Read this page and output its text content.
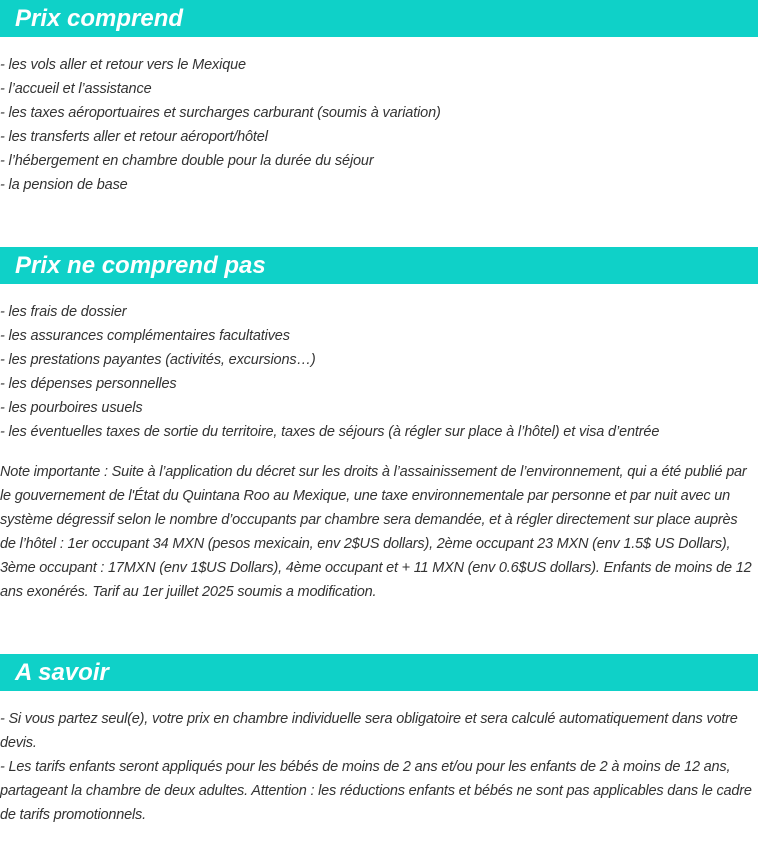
Prix comprend
- les vols aller et retour vers le Mexique
- l’accueil et l’assistance
- les taxes aéroportuaires et surcharges carburant (soumis à variation)
- les transferts aller et retour aéroport/hôtel
- l’hébergement en chambre double pour la durée du séjour
- la pension de base
Prix ne comprend pas
- les frais de dossier
- les assurances complémentaires facultatives
- les prestations payantes (activités, excursions…)
- les dépenses personnelles
- les pourboires usuels
- les éventuelles taxes de sortie du territoire, taxes de séjours (à régler sur place à l’hôtel) et visa d’entrée

Note importante : Suite à l’application du décret sur les droits à l’assainissement de l’environnement, qui a été publié par le gouvernement de l'État du Quintana Roo au Mexique, une taxe environnementale par personne et par nuit avec un système dégressif selon le nombre d’occupants par chambre sera demandée, et à régler directement sur place auprès de l’hôtel : 1er occupant 34 MXN (pesos mexicain, env 2$US dollars), 2ème occupant 23 MXN (env 1.5$ US Dollars), 3ème occupant : 17MXN (env 1$US Dollars), 4ème occupant et + 11 MXN (env 0.6$US dollars). Enfants de moins de 12 ans exonérés. Tarif au 1er juillet 2025 soumis a modification.

A savoir

- Si vous partez seul(e), votre prix en chambre individuelle sera obligatoire et sera calculé automatiquement dans votre devis.

- Les tarifs enfants seront appliqués pour les bébés de moins de 2 ans et/ou pour les enfants de 2 à moins de 12 ans, partageant la chambre de deux adultes. Attention : les réductions enfants et bébés ne sont pas applicables dans le cadre de tarifs promotionnels.
